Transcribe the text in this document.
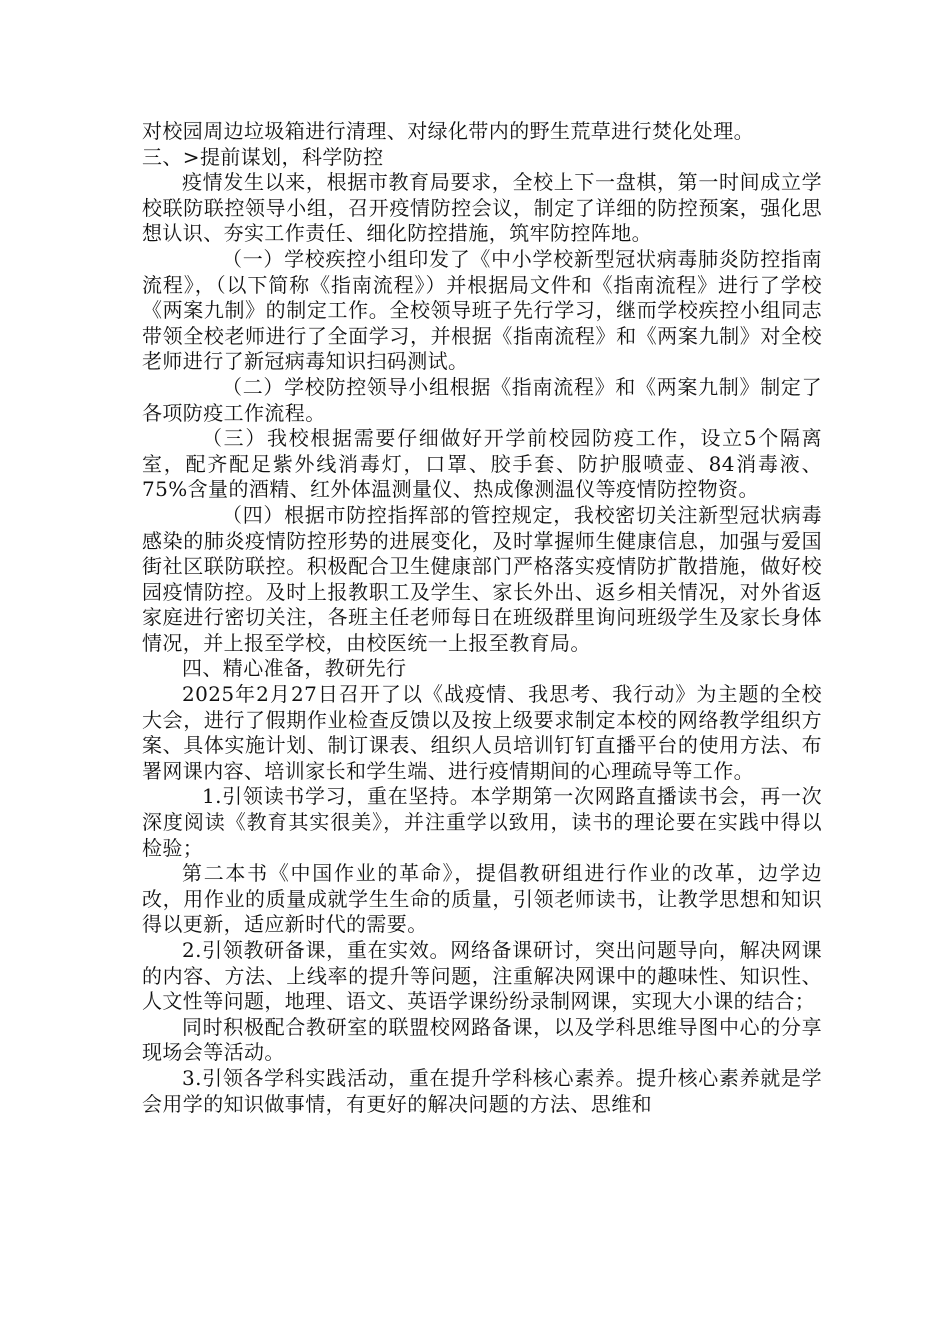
对校园周边垃圾箱进行清理、对绿化带内的野生荒草进行焚化处理。

三、>提前谋划，科学防控

疫情发生以来，根据市教育局要求，全校上下一盘棋，第一时间成立学校联防联控领导小组，召开疫情防控会议，制定了详细的防控预案，强化思想认识、夯实工作责任、细化防控措施，筑牢防控阵地。

（一）学校疾控小组印发了《中小学校新型冠状病毒肺炎防控指南流程》，（以下简称《指南流程》）并根据局文件和《指南流程》进行了学校《两案九制》的制定工作。全校领导班子先行学习，继而学校疾控小组同志带领全校老师进行了全面学习，并根据《指南流程》和《两案九制》对全校老师进行了新冠病毒知识扫码测试。

（二）学校防控领导小组根据《指南流程》和《两案九制》制定了各项防疫工作流程。

（三）我校根据需要仔细做好开学前校园防疫工作，设立5个隔离室，配齐配足紫外线消毒灯，口罩、胶手套、防护服喷壶、84消毒液、75%含量的酒精、红外体温测量仪、热成像测温仪等疫情防控物资。

（四）根据市防控指挥部的管控规定，我校密切关注新型冠状病毒感染的肺炎疫情防控形势的进展变化，及时掌握师生健康信息，加强与爱国街社区联防联控。积极配合卫生健康部门严格落实疫情防扩散措施，做好校园疫情防控。及时上报教职工及学生、家长外出、返乡相关情况，对外省返家庭进行密切关注，各班主任老师每日在班级群里询问班级学生及家长身体情况，并上报至学校，由校医统一上报至教育局。

四、精心准备，教研先行

2025年2月27日召开了以《战疫情、我思考、我行动》为主题的全校大会，进行了假期作业检查反馈以及按上级要求制定本校的网络教学组织方案、具体实施计划、制订课表、组织人员培训钉钉直播平台的使用方法、布署网课内容、培训家长和学生端、进行疫情期间的心理疏导等工作。

1.引领读书学习，重在坚持。本学期第一次网路直播读书会，再一次深度阅读《教育其实很美》，并注重学以致用，读书的理论要在实践中得以检验；

第二本书《中国作业的革命》，提倡教研组进行作业的改革，边学边改，用作业的质量成就学生生命的质量，引领老师读书，让教学思想和知识得以更新，适应新时代的需要。

2.引领教研备课，重在实效。网络备课研讨，突出问题导向，解决网课的内容、方法、上线率的提升等问题，注重解决网课中的趣味性、知识性、人文性等问题，地理、语文、英语学课纷纷录制网课，实现大小课的结合；

同时积极配合教研室的联盟校网路备课，以及学科思维导图中心的分享现场会等活动。

3.引领各学科实践活动，重在提升学科核心素养。提升核心素养就是学会用学的知识做事情，有更好的解决问题的方法、思维和
